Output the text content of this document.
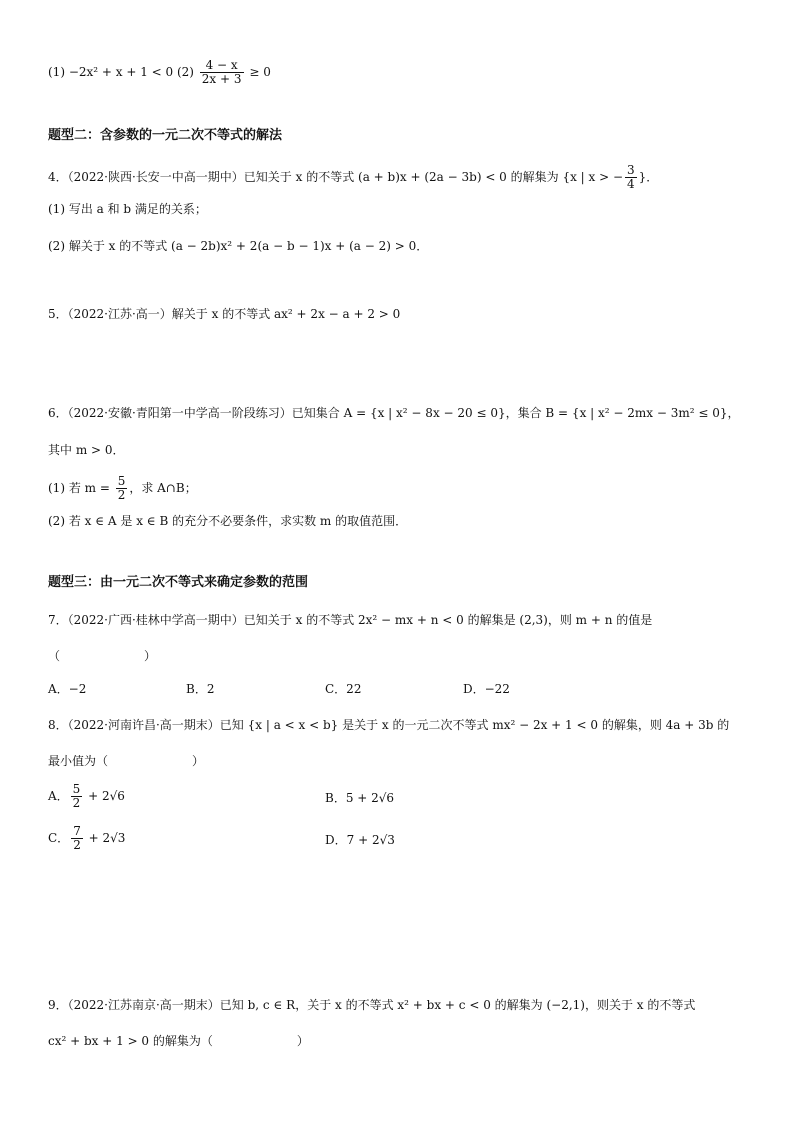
(1) −2x² + x + 1 < 0 $(2) \frac{4 - x}{2x + 3} \ge 0$
题型二：含参数的一元二次不等式的解法
4．（2022·陕西·长安一中高一期中）已知关于 x 的不等式 (a + b)x + (2a − 3b) < 0 的解集为 {x | x > − $\frac{3}{4}$ }．
(1) 写出 a 和 b 满足的关系；
(2) 解关于 x 的不等式 (a − 2b)x² + 2(a − b − 1)x + (a − 2) > 0．
5．（2022·江苏·高一）解关于 x 的不等式 ax² + 2x − a + 2 > 0
6．（2022·安徽·青阳第一中学高一阶段练习）已知集合 A = {x | x² − 8x − 20 ≤ 0}，集合 B = {x | x² − 2mx − 3m² ≤ 0}，
其中 m > 0．
(1) 若 $m = \frac{5}{2}$ ，求 A∩B；
(2) 若 x ∈ A 是 x ∈ B 的充分不必要条件，求实数 m 的取值范围．
题型三：由一元二次不等式来确定参数的范围
7．（2022·广西·桂林中学高一期中）已知关于 x 的不等式 2x² − mx + n < 0 的解集是 (2,3)，则 m + n 的值是
（　　　　　　　）
A．−2	B．2	C．22	D．−22
8．（2022·河南许昌·高一期末）已知 {x | a < x < b} 是关于 x 的一元二次不等式 mx² − 2x + 1 < 0 的解集，则 4a + 3b 的
最小值为（　　　　　　　）
A． $\frac{5}{2} + 2√6$	B．5 + 2√6
C． $\frac{7}{2} + 2√3$	D．7 + 2√3
9．（2022·江苏南京·高一期末）已知 b, c ∈ R，关于 x 的不等式 x² + bx + c < 0 的解集为 (−2,1)，则关于 x 的不等式
cx² + bx + 1 > 0 的解集为（　　　　　　　）
